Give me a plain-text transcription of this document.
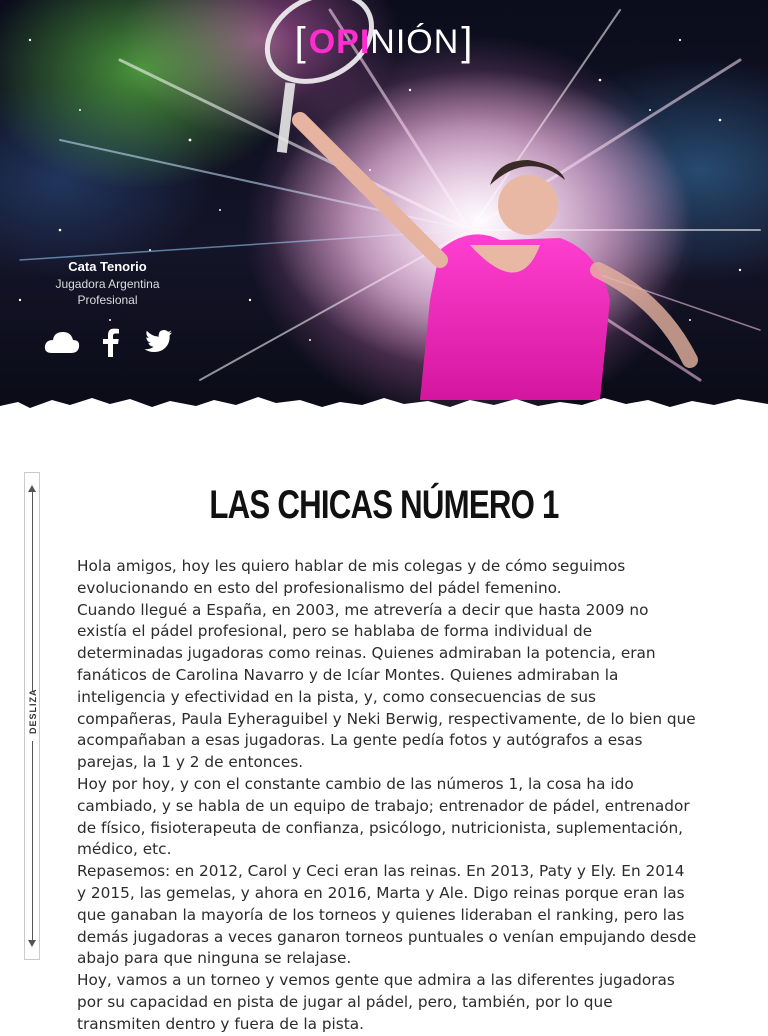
[ OPI NIÓN ]
Cata Tenorio
Jugadora Argentina Profesional
LAS CHICAS NÚMERO 1
DESLIZA

Hola amigos, hoy les quiero hablar de mis colegas y de cómo seguimos evolucionando en esto del profesionalismo del pádel femenino.

Cuando llegué a España, en 2003, me atrevería a decir que hasta 2009 no existía el pádel profesional, pero se hablaba de forma individual de determinadas jugadoras como reinas. Quienes admiraban la potencia, eran fanáticos de Carolina Navarro y de Icíar Montes. Quienes admiraban la inteligencia y efectividad en la pista, y, como consecuencias de sus compañeras, Paula Eyheraguibel y Neki Berwig, respectivamente, de lo bien que acompañaban a esas jugadoras. La gente pedía fotos y autógrafos a esas parejas, la 1 y 2 de entonces.

Hoy por hoy, y con el constante cambio de las números 1, la cosa ha ido cambiado, y se habla de un equipo de trabajo; entrenador de pádel, entrenador de físico, fisioterapeuta de confianza, psicólogo, nutricionista, suplementación, médico, etc.

Repasemos: en 2012, Carol y Ceci eran las reinas. En 2013, Paty y Ely. En 2014 y 2015, las gemelas, y ahora en 2016, Marta y Ale. Digo reinas porque eran las que ganaban la mayoría de los torneos y quienes lideraban el ranking, pero las demás jugadoras a veces ganaron torneos puntuales o venían empujando desde abajo para que ninguna se relajase.

Hoy, vamos a un torneo y vemos gente que admira a las diferentes jugadoras por su capacidad en pista de jugar al pádel, pero, también, por lo que transmiten dentro y fuera de la pista.
